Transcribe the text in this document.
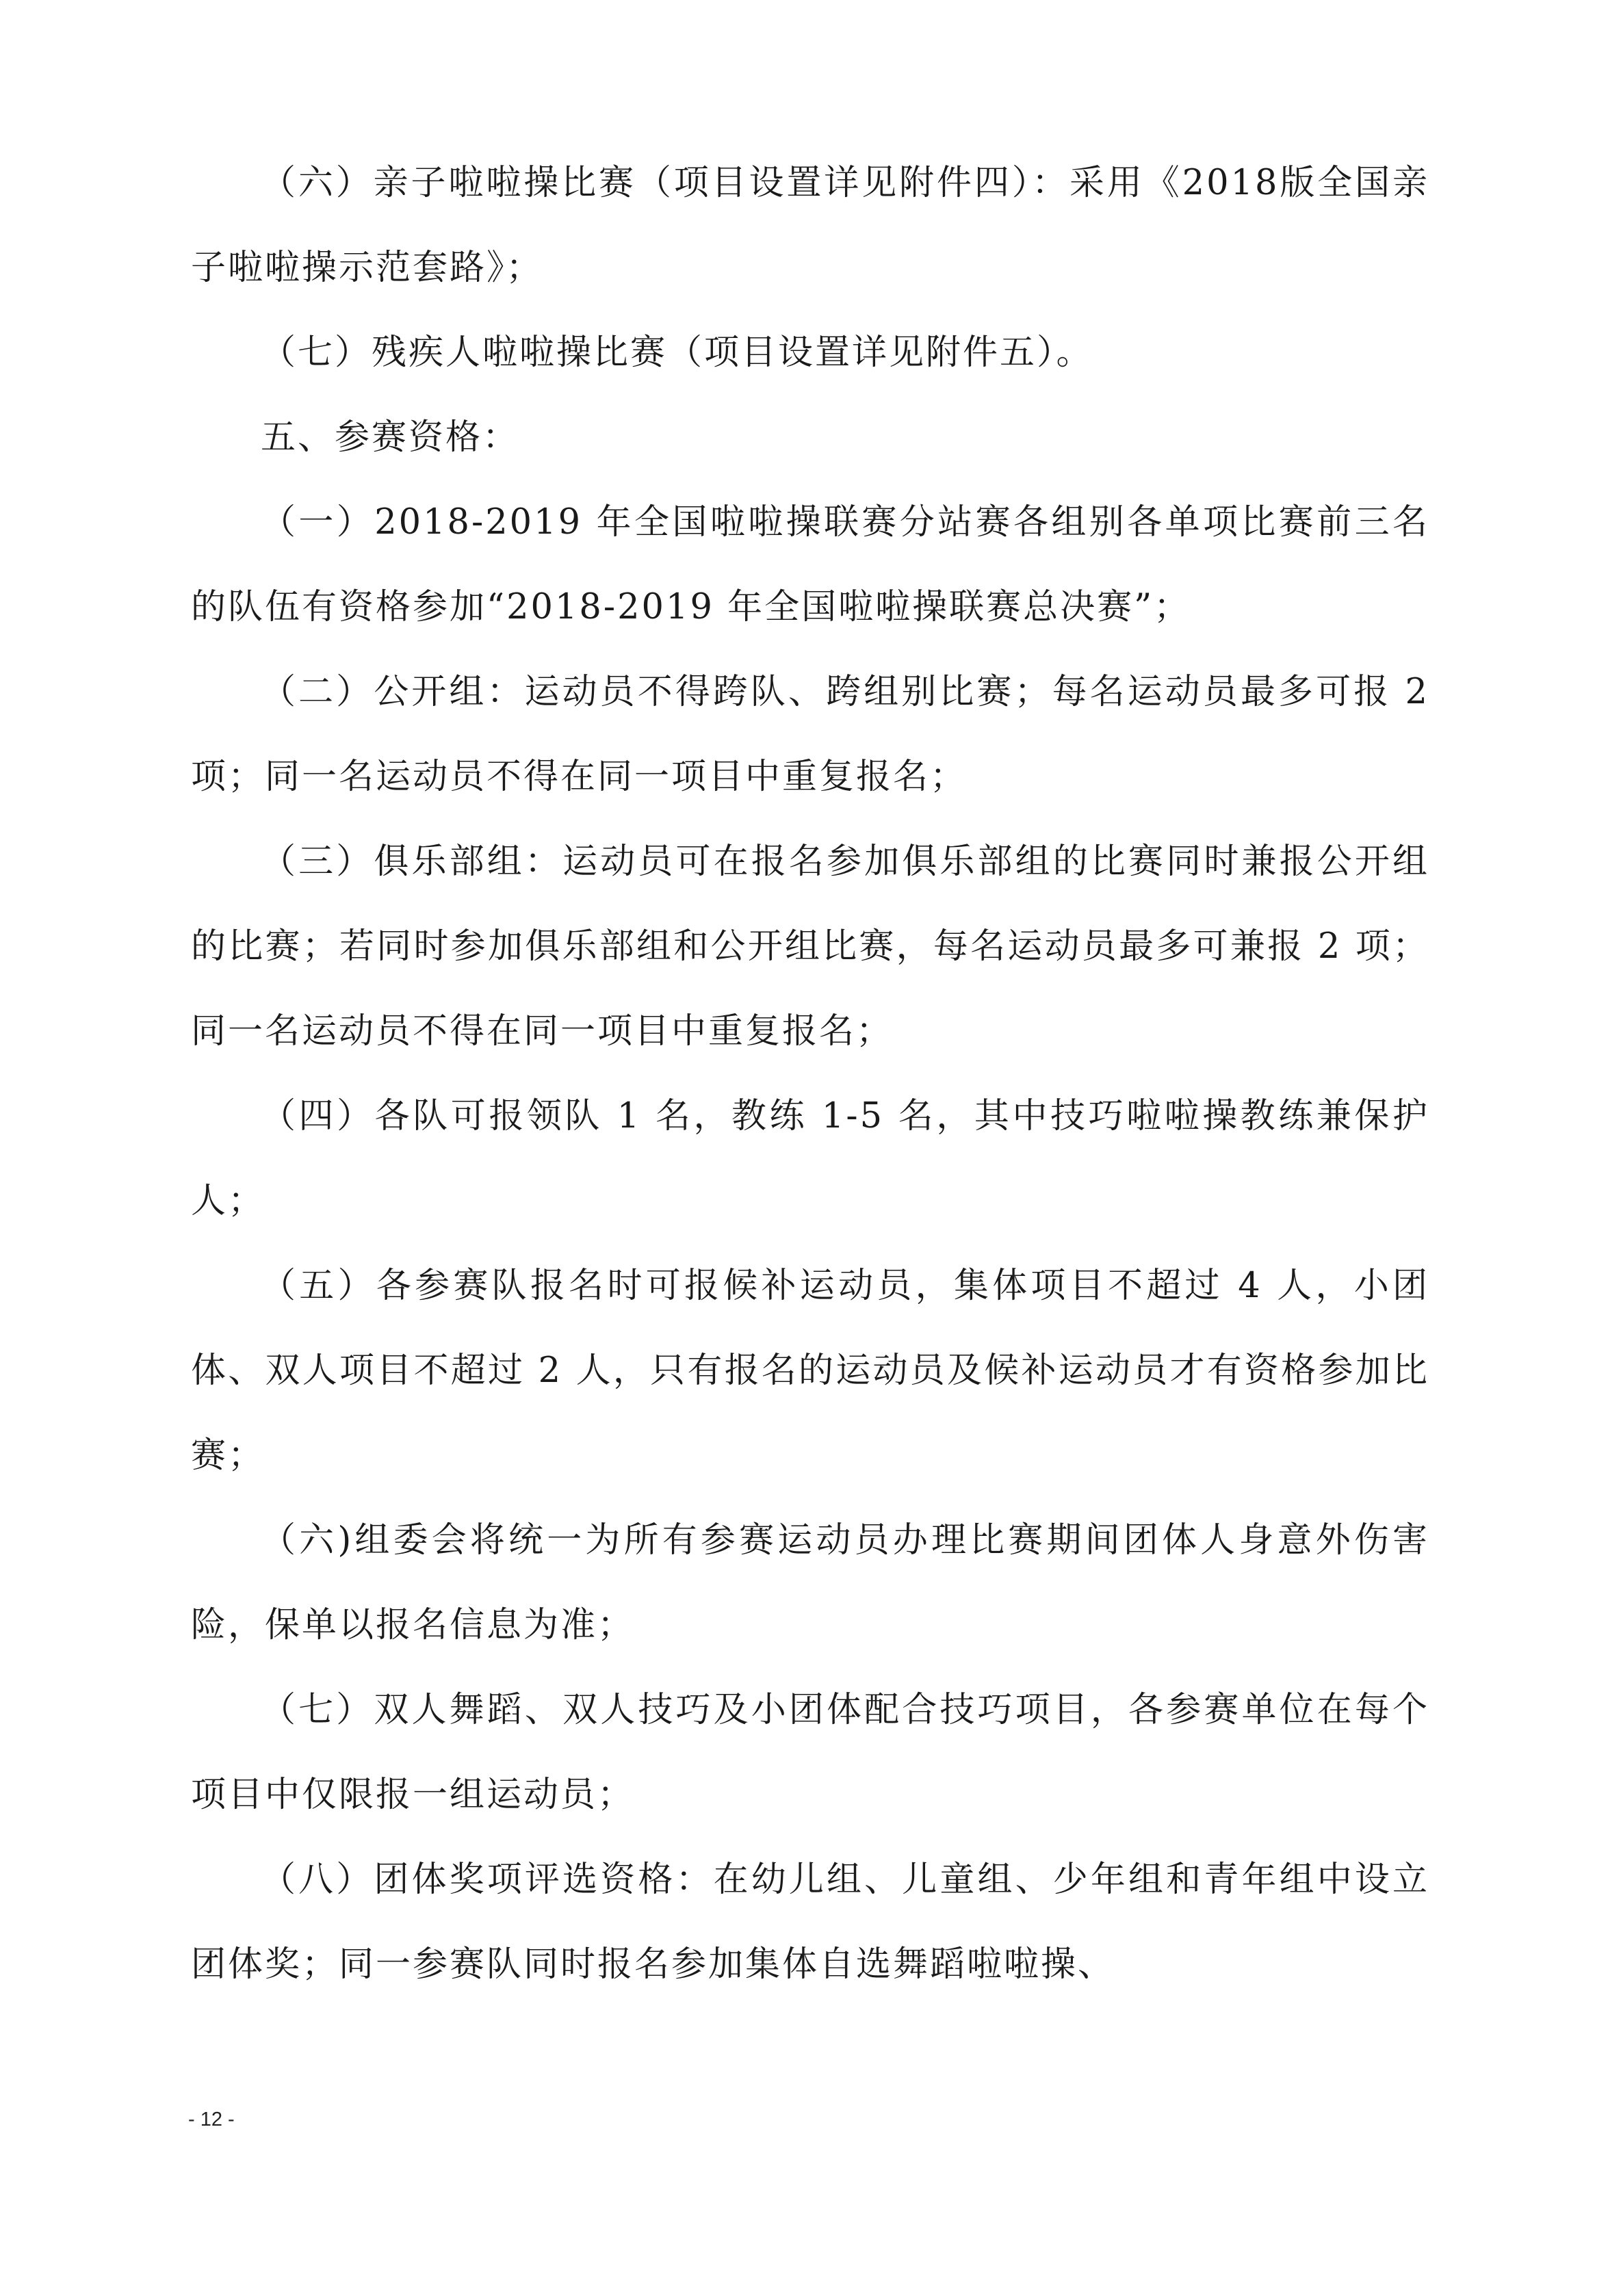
（六）亲子啦啦操比赛（项目设置详见附件四）：采用《2018版全国亲子啦啦操示范套路》；

（七）残疾人啦啦操比赛（项目设置详见附件五）。

五、参赛资格：

（一）2018-2019 年全国啦啦操联赛分站赛各组别各单项比赛前三名的队伍有资格参加“2018-2019 年全国啦啦操联赛总决赛”；

（二）公开组：运动员不得跨队、跨组别比赛；每名运动员最多可报 2 项；同一名运动员不得在同一项目中重复报名；

（三）俱乐部组：运动员可在报名参加俱乐部组的比赛同时兼报公开组的比赛；若同时参加俱乐部组和公开组比赛，每名运动员最多可兼报 2 项；同一名运动员不得在同一项目中重复报名；

（四）各队可报领队 1 名，教练 1-5 名，其中技巧啦啦操教练兼保护人；

（五）各参赛队报名时可报候补运动员，集体项目不超过 4 人，小团体、双人项目不超过 2 人，只有报名的运动员及候补运动员才有资格参加比赛；

（六)组委会将统一为所有参赛运动员办理比赛期间团体人身意外伤害险，保单以报名信息为准；

（七）双人舞蹈、双人技巧及小团体配合技巧项目，各参赛单位在每个项目中仅限报一组运动员；

（八）团体奖项评选资格：在幼儿组、儿童组、少年组和青年组中设立团体奖；同一参赛队同时报名参加集体自选舞蹈啦啦操、

- 12 -
